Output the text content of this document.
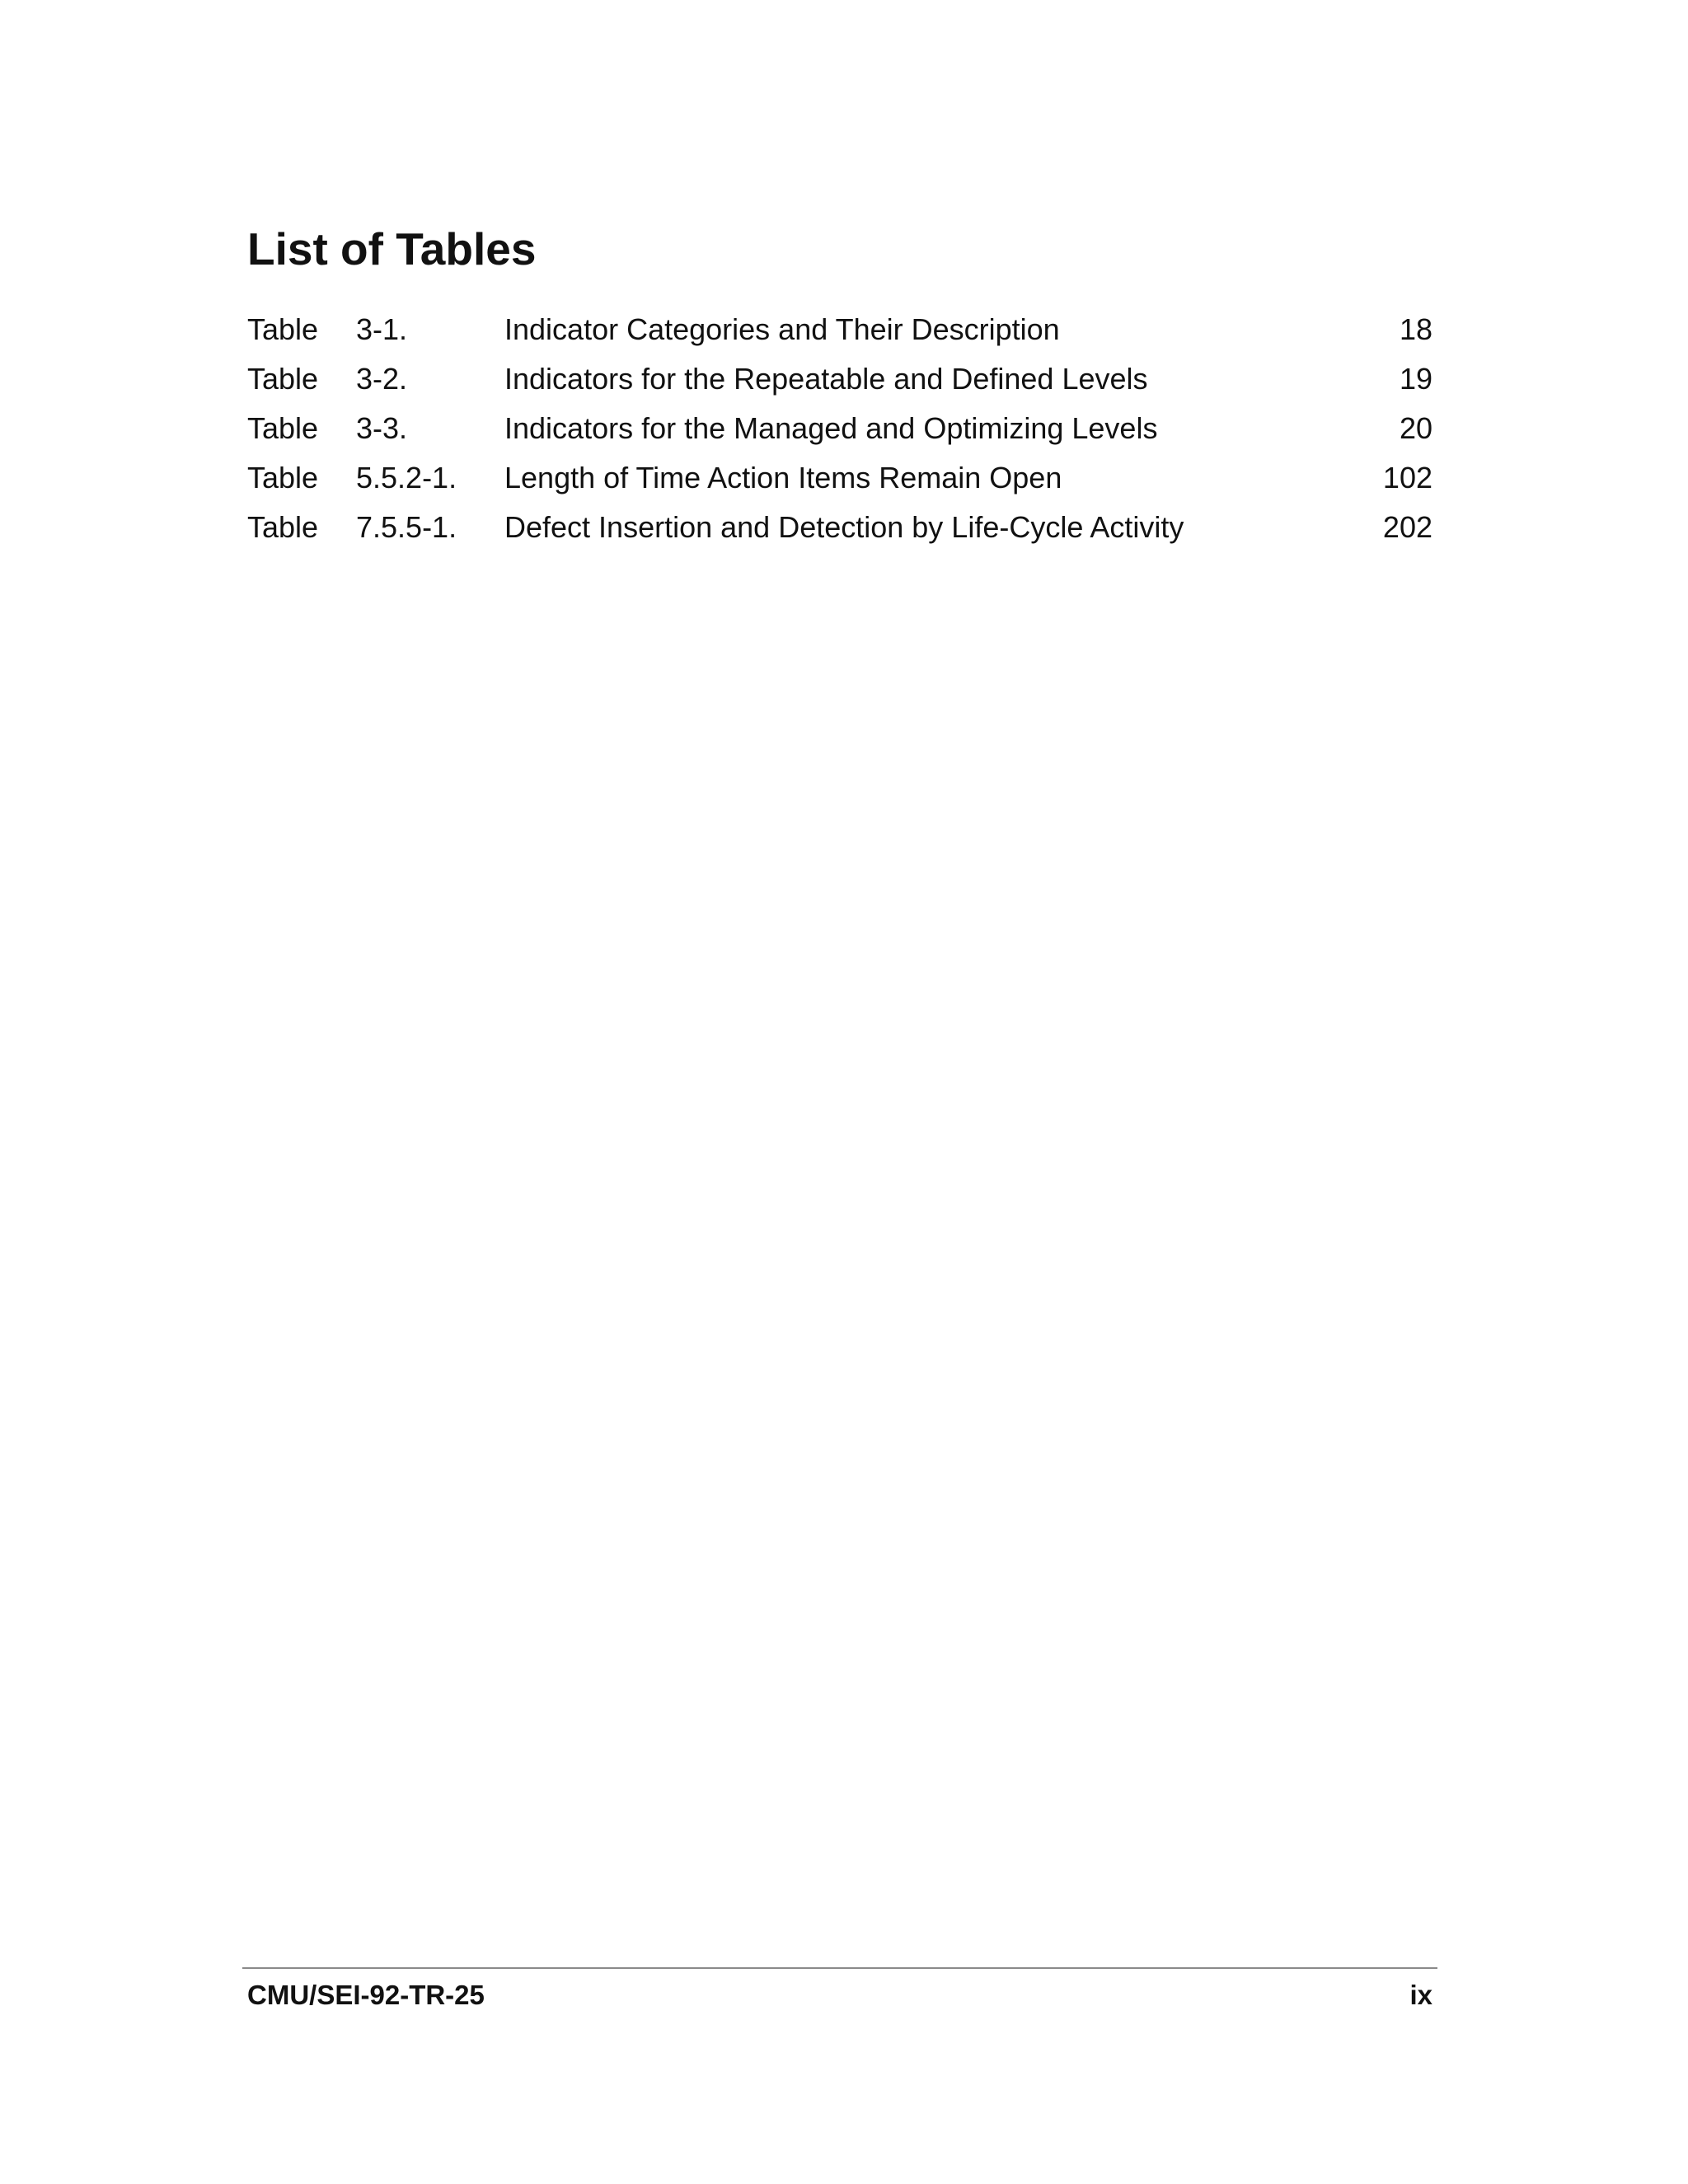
List of Tables
Table 3-1.	Indicator Categories and Their Description	18
Table 3-2.	Indicators for the Repeatable and Defined Levels	19
Table 3-3.	Indicators for the Managed and Optimizing Levels	20
Table 5.5.2-1. Length of Time Action Items Remain Open	102
Table 7.5.5-1. Defect Insertion and Detection by Life-Cycle Activity	202
CMU/SEI-92-TR-25	ix
